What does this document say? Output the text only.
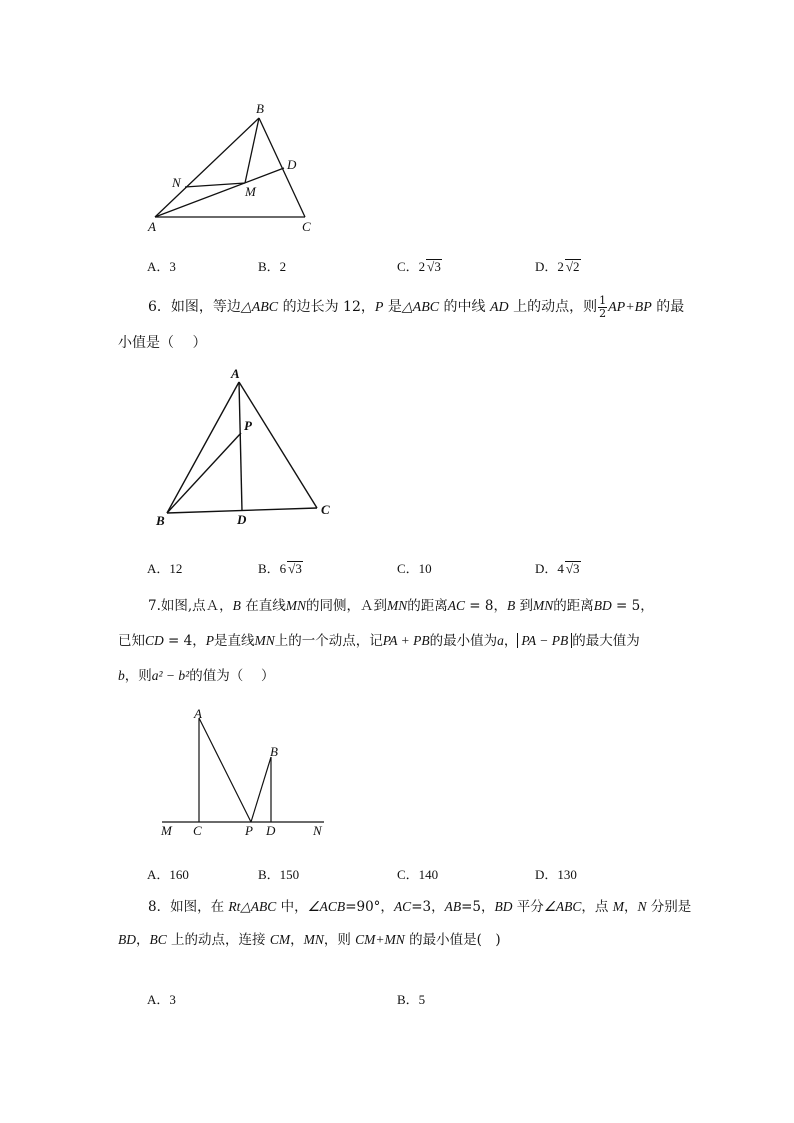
B
D
N
M
A	C
A．3	B．2	C．2 √3	D．2 √2
6．如图，等边△ABC 的边长为 12，P 是△ABC 的中线 AD 上的动点，则 $\frac{1}{2} AP+BP$ 的最
小值是（　 ）
A
P
B	D
C
A．12	B．6 √3	C．10	D．4 √3
7.如图,点Ａ，B 在直线MN的同侧，Ａ到MN的距离AC = 8，B 到MN的距离BD = 5，
已知CD = 4，P是直线MN上的一个动点，记PA + PB的最小值为a， PA − PB 的最大值为
b，则a² − b²的值为（　 ）
A
B
M C	P D	N
A．160	B．150	C．140	D．130
8．如图，在 Rt△ABC 中，∠ACB=90°，AC=3，AB=5，BD 平分∠ABC，点 M，N 分别是
BD，BC 上的动点，连接 CM，MN，则 CM+MN 的最小值是(　)
A．3	B．5
